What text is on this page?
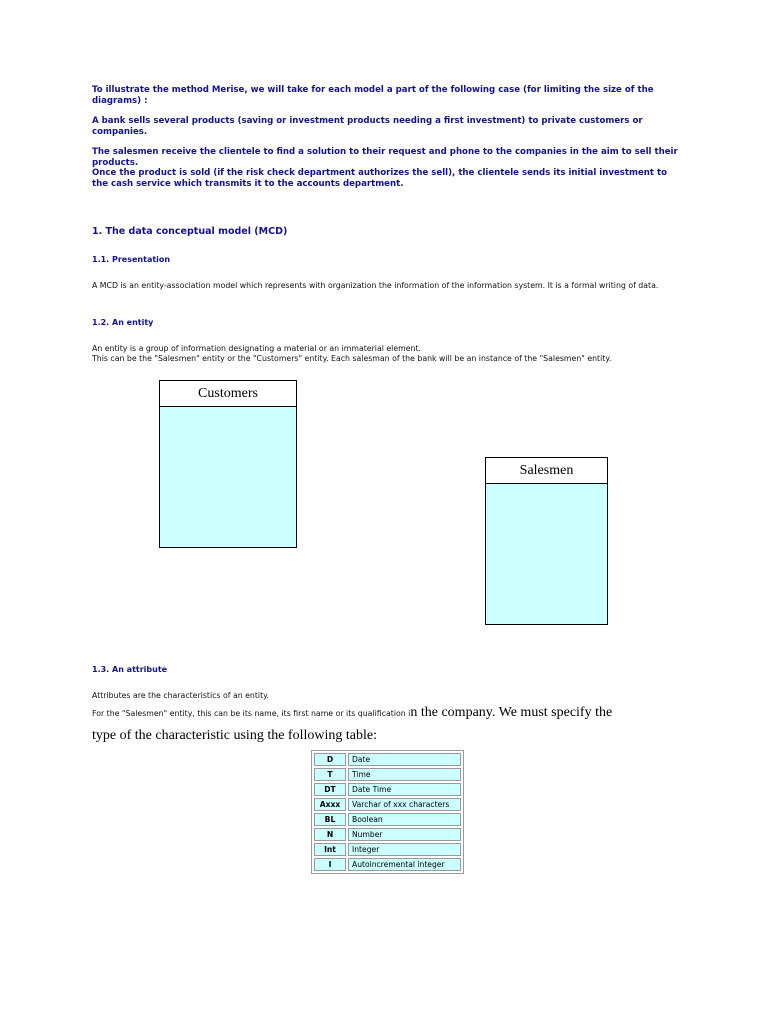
To illustrate the method Merise, we will take for each model a part of the following case (for limiting the size of the diagrams) :

A bank sells several products (saving or investment products needing a first investment) to private customers or companies.

The salesmen receive the clientele to find a solution to their request and phone to the companies in the aim to sell their products.

Once the product is sold (if the risk check department authorizes the sell), the clientele sends its initial investment to the cash service which transmits it to the accounts department.

1. The data conceptual model (MCD)
1.1. Presentation
A MCD is an entity-association model which represents with organization the information of the information system. It is a formal writing of data.
1.2. An entity
An entity is a group of information designating a material or an immaterial element.
This can be the "Salesmen" entity or the "Customers" entity. Each salesman of the bank will be an instance of the "Salesmen" entity.
Customers
Salesmen
1.3. An attribute
Attributes are the characteristics of an entity.
For the "Salesmen" entity, this can be its name, its first name or its qualification in the company. We must specify the
type of the characteristic using the following table:
D	Date
T	Time
DT	Date Time
Axxx	Varchar of xxx characters
BL	Boolean
N	Number
Int	Integer
I	Autoincremental integer
